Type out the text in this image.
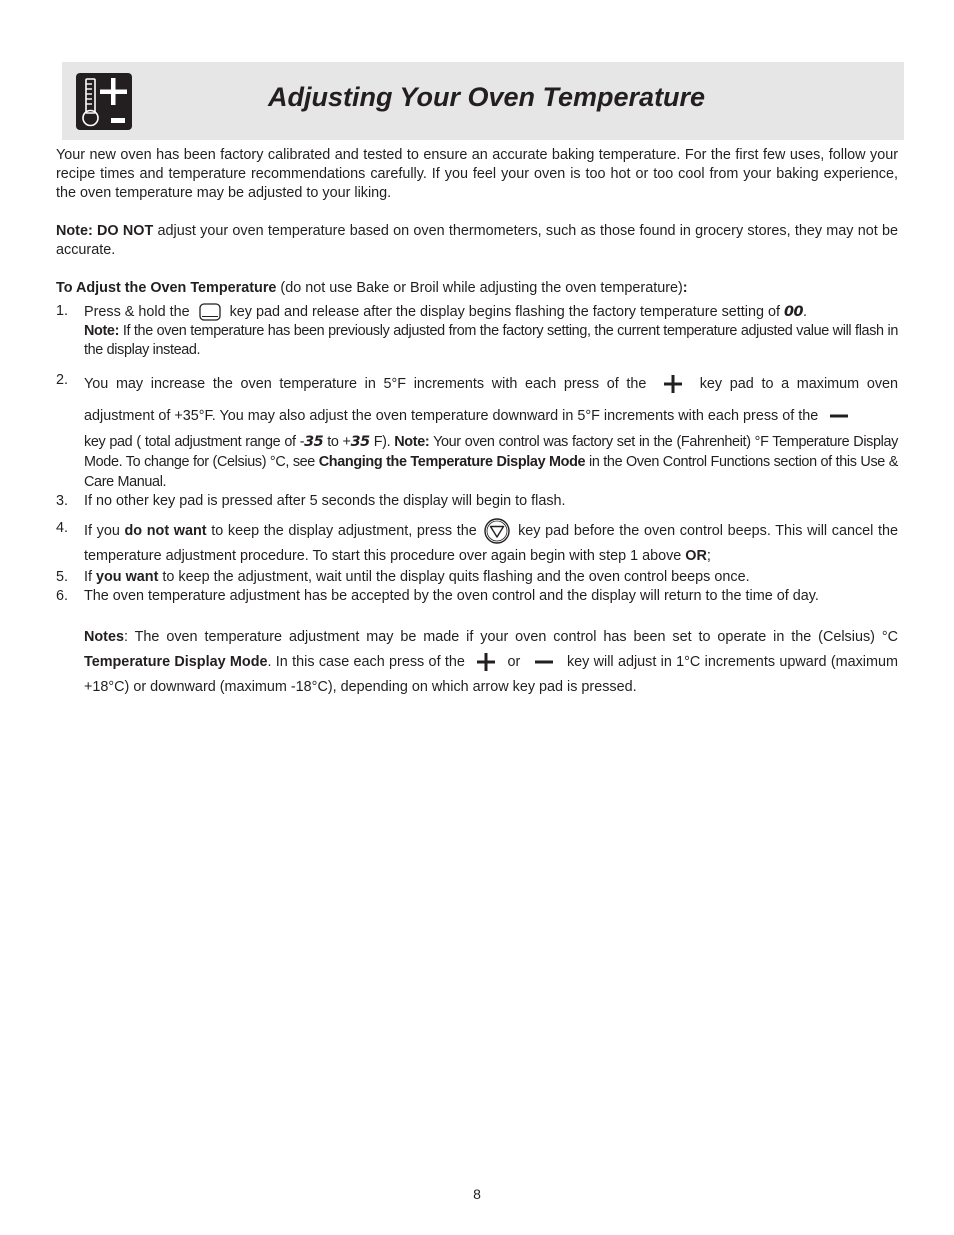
Adjusting Your Oven Temperature

Your new oven has been factory calibrated and tested to ensure an accurate baking temperature. For the first few uses, follow your recipe times and temperature recommendations carefully. If you feel your oven is too hot or too cool from your baking experience, the oven temperature may be adjusted to your liking.

Note: DO NOT adjust your oven temperature based on oven thermometers, such as those found in grocery stores, they may not be accurate.

To Adjust the Oven Temperature (do not use Bake or Broil while adjusting the oven temperature):

1. Press & hold the	key pad and release after the display begins flashing the factory temperature setting of 00.

Note: If the oven temperature has been previously adjusted from the factory setting, the current temperature adjusted value will flash in the display instead.

2. You may increase the oven temperature in 5°F increments with each press of the	key pad to a maximum oven adjustment of +35°F. You may also adjust the oven temperature downward in 5°F increments with each press of the

key pad ( total adjustment range of -35 to +35 F). Note: Your oven control was factory set in the (Fahrenheit) °F Temperature Display Mode. To change for (Celsius) °C, see Changing the Temperature Display Mode in the Oven Control Functions section of this Use & Care Manual.

3. If no other key pad is pressed after 5 seconds the display will begin to flash.

4. If you do not want to keep the display adjustment, press the	key pad before the oven control beeps. This will cancel the temperature adjustment procedure. To start this procedure over again begin with step 1 above OR;

5. If you want to keep the adjustment, wait until the display quits flashing and the oven control beeps once.

6. The oven temperature adjustment has be accepted by the oven control and the display will return to the time of day.

Notes: The oven temperature adjustment may be made if your oven control has been set to operate in the (Celsius) °C Temperature Display Mode. In this case each press of the	or	key will adjust in 1°C increments upward (maximum +18°C) or downward (maximum -18°C), depending on which arrow key pad is pressed.

8
